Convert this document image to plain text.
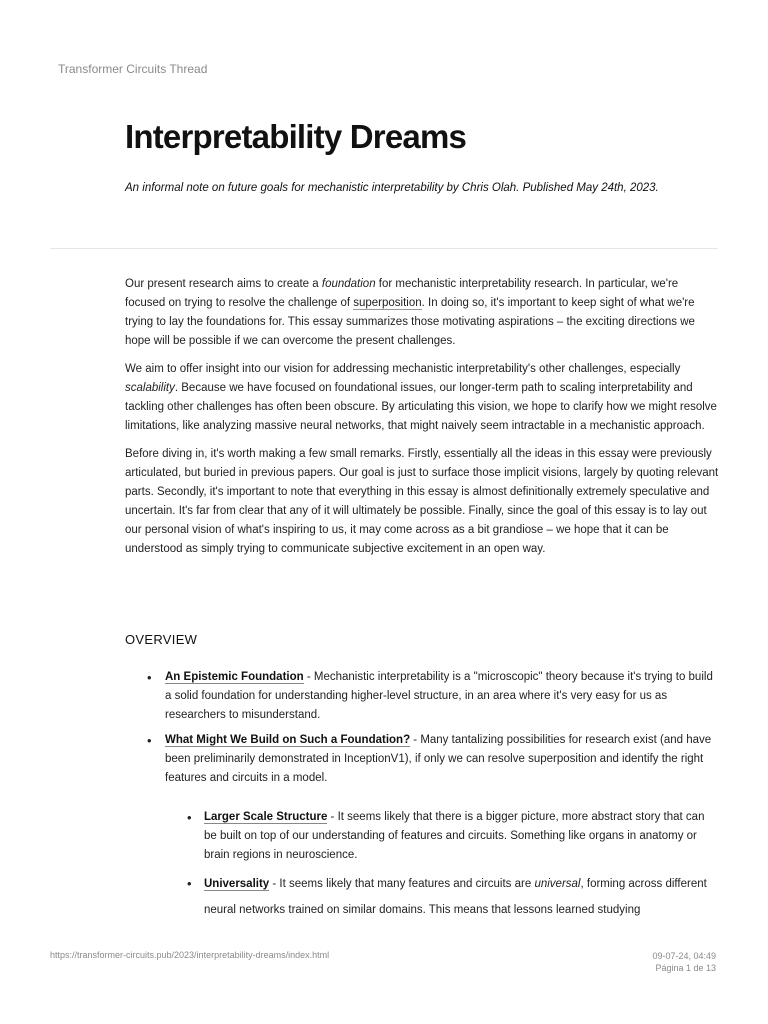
Transformer Circuits Thread
Interpretability Dreams

An informal note on future goals for mechanistic interpretability by Chris Olah. Published May 24th, 2023.

Our present research aims to create a foundation for mechanistic interpretability research. In particular, we're focused on trying to resolve the challenge of superposition. In doing so, it's important to keep sight of what we're trying to lay the foundations for. This essay summarizes those motivating aspirations – the exciting directions we hope will be possible if we can overcome the present challenges.

We aim to offer insight into our vision for addressing mechanistic interpretability's other challenges, especially scalability. Because we have focused on foundational issues, our longer-term path to scaling interpretability and tackling other challenges has often been obscure. By articulating this vision, we hope to clarify how we might resolve limitations, like analyzing massive neural networks, that might naively seem intractable in a mechanistic approach.

Before diving in, it's worth making a few small remarks. Firstly, essentially all the ideas in this essay were previously articulated, but buried in previous papers. Our goal is just to surface those implicit visions, largely by quoting relevant parts. Secondly, it's important to note that everything in this essay is almost definitionally extremely speculative and uncertain. It's far from clear that any of it will ultimately be possible. Finally, since the goal of this essay is to lay out our personal vision of what's inspiring to us, it may come across as a bit grandiose – we hope that it can be understood as simply trying to communicate subjective excitement in an open way.

OVERVIEW
• An Epistemic Foundation - Mechanistic interpretability is a "microscopic" theory because it's trying to build a solid foundation for understanding higher-level structure, in an area where it's very easy for us as researchers to misunderstand.
• What Might We Build on Such a Foundation? - Many tantalizing possibilities for research exist (and have been preliminarily demonstrated in InceptionV1), if only we can resolve superposition and identify the right features and circuits in a model.
• Larger Scale Structure - It seems likely that there is a bigger picture, more abstract story that can be built on top of our understanding of features and circuits. Something like organs in anatomy or brain regions in neuroscience.
• Universality - It seems likely that many features and circuits are universal, forming across different neural networks trained on similar domains. This means that lessons learned studying
https://transformer-circuits.pub/2023/interpretability-dreams/index.html	09-07-24, 04:49
Página 1 de 13
